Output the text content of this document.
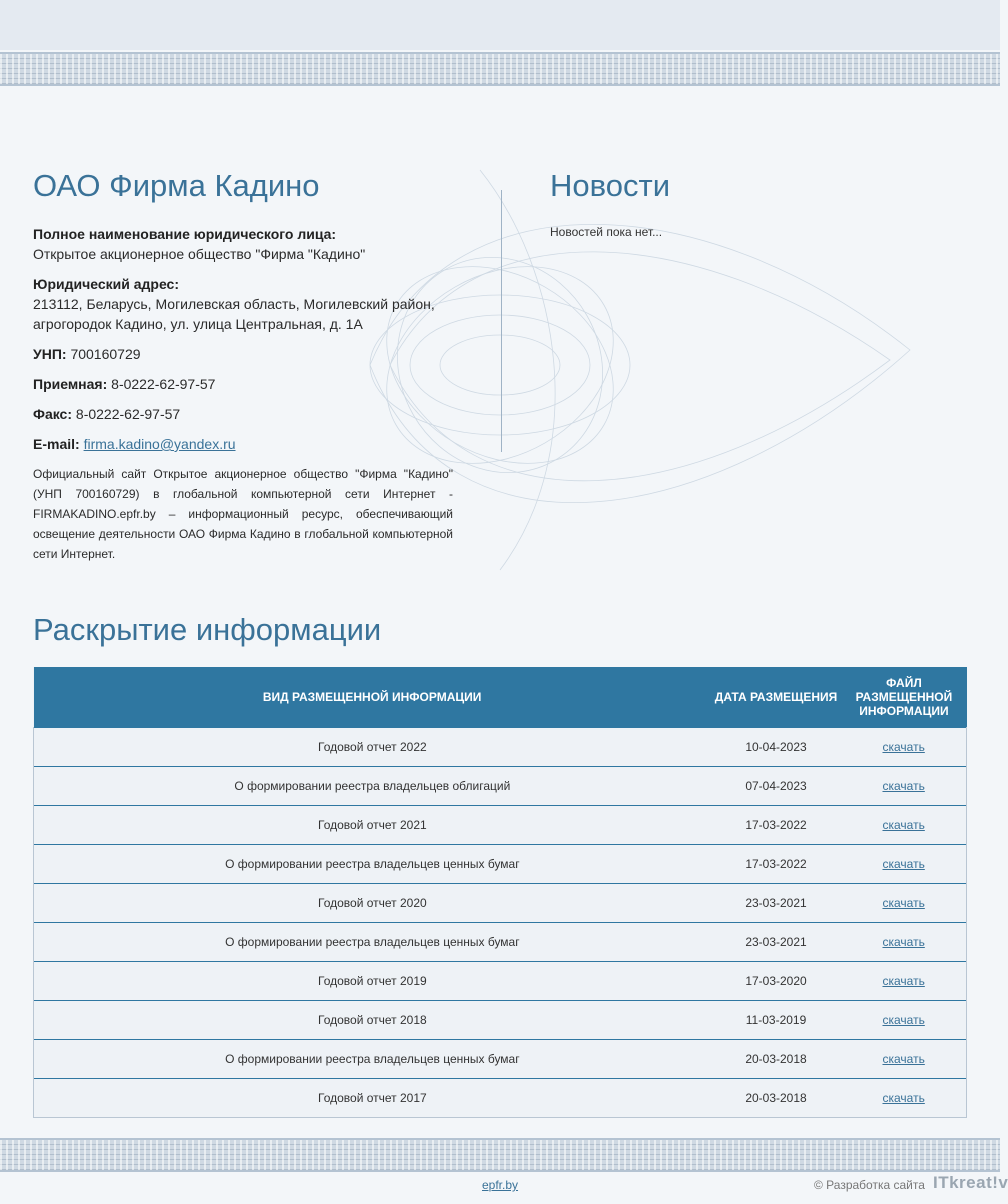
ОАО Фирма Кадино

Полное наименование юридического лица:
Открытое акционерное общество "Фирма "Кадино"

Юридический адрес:
213112, Беларусь, Могилевская область, Могилевский район,
агрогородок Кадино, ул. улица Центральная, д. 1А

УНП: 700160729

Приемная: 8-0222-62-97-57

Факс: 8-0222-62-97-57

E-mail: firma.kadino@yandex.ru

Официальный сайт Открытое акционерное общество "Фирма "Кадино" (УНП 700160729) в глобальной компьютерной сети Интернет - FIRMAKADINO.epfr.by – информационный ресурс, обеспечивающий освещение деятельности ОАО Фирма Кадино в глобальной компьютерной сети Интернет.

Новости
Новостей пока нет...
Раскрытие информации
ВИД РАЗМЕЩЕННОЙ ИНФОРМАЦИИ	ДАТА РАЗМЕЩЕНИЯ	ФАЙЛ РАЗМЕЩЕННОЙ ИНФОРМАЦИИ
Годовой отчет 2022	10-04-2023	скачать
О формировании реестра владельцев облигаций	07-04-2023	скачать
Годовой отчет 2021	17-03-2022	скачать
О формировании реестра владельцев ценных бумаг	17-03-2022	скачать
Годовой отчет 2020	23-03-2021	скачать
О формировании реестра владельцев ценных бумаг	23-03-2021	скачать
Годовой отчет 2019	17-03-2020	скачать
Годовой отчет 2018	11-03-2019	скачать
О формировании реестра владельцев ценных бумаг	20-03-2018	скачать
Годовой отчет 2017	20-03-2018	скачать
epfr.by	© Разработка сайта ITkreat!v
